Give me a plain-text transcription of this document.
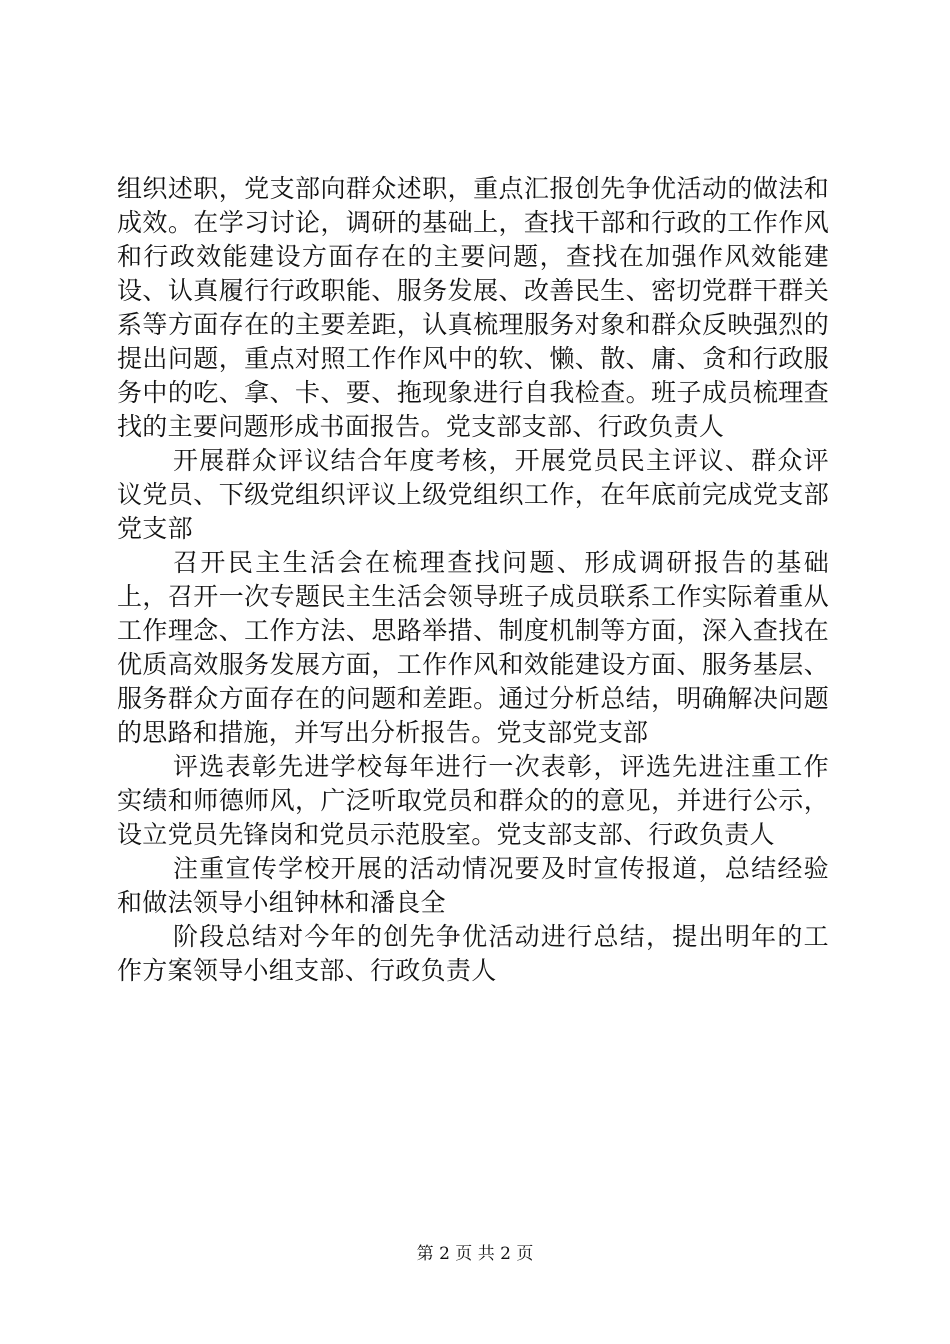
组织述职，党支部向群众述职，重点汇报创先争优活动的做法和成效。在学习讨论，调研的基础上，查找干部和行政的工作作风和行政效能建设方面存在的主要问题，查找在加强作风效能建设、认真履行行政职能、服务发展、改善民生、密切党群干群关系等方面存在的主要差距，认真梳理服务对象和群众反映强烈的提出问题，重点对照工作作风中的软、懒、散、庸、贪和行政服务中的吃、拿、卡、要、拖现象进行自我检查。班子成员梳理查找的主要问题形成书面报告。党支部支部、行政负责人

开展群众评议结合年度考核，开展党员民主评议、群众评议党员、下级党组织评议上级党组织工作，在年底前完成党支部党支部

召开民主生活会在梳理查找问题、形成调研报告的基础上，召开一次专题民主生活会领导班子成员联系工作实际着重从工作理念、工作方法、思路举措、制度机制等方面，深入查找在优质高效服务发展方面，工作作风和效能建设方面、服务基层、服务群众方面存在的问题和差距。通过分析总结，明确解决问题的思路和措施，并写出分析报告。党支部党支部

评选表彰先进学校每年进行一次表彰，评选先进注重工作实绩和师德师风，广泛听取党员和群众的的意见，并进行公示，设立党员先锋岗和党员示范股室。党支部支部、行政负责人

注重宣传学校开展的活动情况要及时宣传报道，总结经验和做法领导小组钟林和潘良全

阶段总结对今年的创先争优活动进行总结，提出明年的工作方案领导小组支部、行政负责人

第 2 页 共 2 页
